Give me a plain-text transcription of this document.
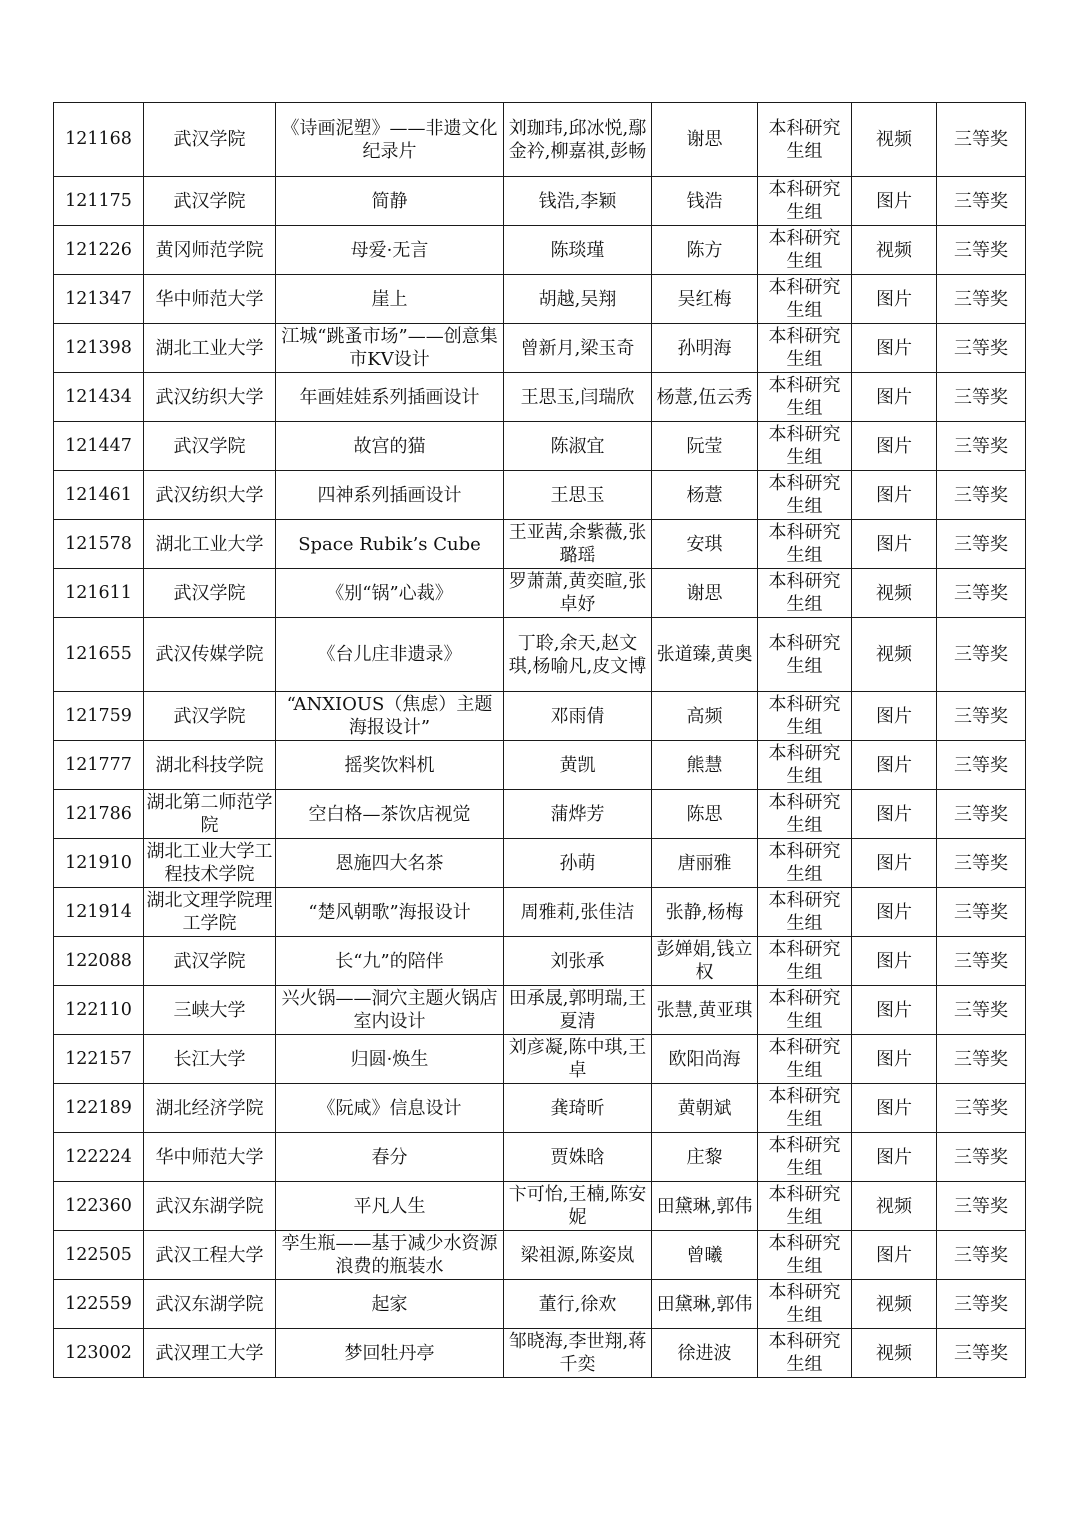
121168	武汉学院	《诗画泥塑》——非遗文化纪录片	刘珈玮,邱冰悦,鄢金衿,柳嘉祺,彭畅	谢思	本科研究生组	视频	三等奖
121175	武汉学院	简静	钱浩,李颖	钱浩	本科研究生组	图片	三等奖
121226	黄冈师范学院	母爱·无言	陈琰瑾	陈方	本科研究生组	视频	三等奖
121347	华中师范大学	崖上	胡越,吴翔	吴红梅	本科研究生组	图片	三等奖
121398	湖北工业大学	江城“跳蚤市场”——创意集市KV设计	曾新月,梁玉奇	孙明海	本科研究生组	图片	三等奖
121434	武汉纺织大学	年画娃娃系列插画设计	王思玉,闫瑞欣	杨薏,伍云秀	本科研究生组	图片	三等奖
121447	武汉学院	故宫的猫	陈淑宜	阮莹	本科研究生组	图片	三等奖
121461	武汉纺织大学	四神系列插画设计	王思玉	杨薏	本科研究生组	图片	三等奖
121578	湖北工业大学	Space Rubik’s Cube	王亚茜,余紫薇,张璐瑶	安琪	本科研究生组	图片	三等奖
121611	武汉学院	《别“锅”心裁》	罗萧萧,黄奕暄,张卓妤	谢思	本科研究生组	视频	三等奖
121655	武汉传媒学院	《台儿庄非遗录》	丁聆,余天,赵文琪,杨喻凡,皮文博	张道臻,黄奥	本科研究生组	视频	三等奖
121759	武汉学院	“ANXIOUS（焦虑）主题海报设计”	邓雨倩	高频	本科研究生组	图片	三等奖
121777	湖北科技学院	摇奖饮料机	黄凯	熊慧	本科研究生组	图片	三等奖
121786	湖北第二师范学院	空白格—茶饮店视觉	蒲烨芳	陈思	本科研究生组	图片	三等奖
121910	湖北工业大学工程技术学院	恩施四大名茶	孙萌	唐丽雅	本科研究生组	图片	三等奖
121914	湖北文理学院理工学院	“楚风朝歌”海报设计	周雅莉,张佳洁	张静,杨梅	本科研究生组	图片	三等奖
122088	武汉学院	长“九”的陪伴	刘张承	彭婵娟,钱立权	本科研究生组	图片	三等奖
122110	三峡大学	兴火锅——洞穴主题火锅店室内设计	田承晟,郭明瑞,王夏清	张慧,黄亚琪	本科研究生组	图片	三等奖
122157	长江大学	归圆·焕生	刘彦凝,陈中琪,王卓	欧阳尚海	本科研究生组	图片	三等奖
122189	湖北经济学院	《阮咸》信息设计	龚琦昕	黄朝斌	本科研究生组	图片	三等奖
122224	华中师范大学	春分	贾姝晗	庄黎	本科研究生组	图片	三等奖
122360	武汉东湖学院	平凡人生	卞可怡,王楠,陈安妮	田黛琳,郭伟	本科研究生组	视频	三等奖
122505	武汉工程大学	孪生瓶——基于减少水资源浪费的瓶装水	梁祖源,陈姿岚	曾曦	本科研究生组	图片	三等奖
122559	武汉东湖学院	起家	董行,徐欢	田黛琳,郭伟	本科研究生组	视频	三等奖
123002	武汉理工大学	梦回牡丹亭	邹晓海,李世翔,蒋千奕	徐进波	本科研究生组	视频	三等奖
